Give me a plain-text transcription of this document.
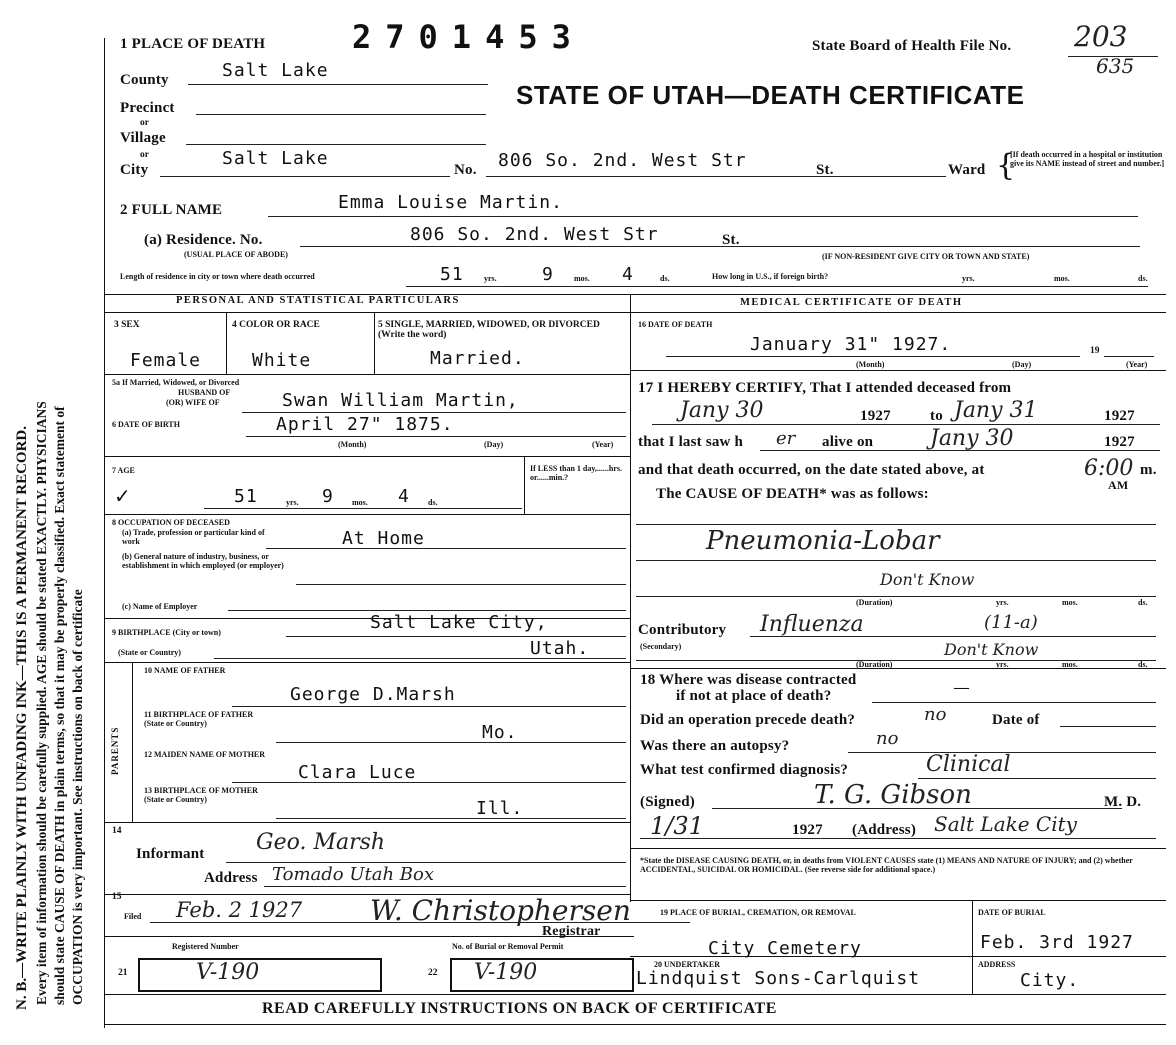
N. B.—WRITE PLAINLY WITH UNFADING INK—THIS IS A PERMANENT RECORD. Every item of information should be carefully supplied. AGE should be stated EXACTLY. PHYSICIANS should state CAUSE OF DEATH in plain terms, so that it may be properly classified. Exact statement of OCCUPATION is very important. See instructions on back of certificate
1 PLACE OF DEATH	2701453	State Board of Health File No. 203
635
STATE OF UTAH—DEATH CERTIFICATE
County	Salt Lake
Precinct
or
Village
or
City
Salt Lake
No. 806 So. 2nd. West Str	St.	Ward {
[If death occurred in a hospital or institution give its NAME instead of street and number.]
2 FULL NAME	Emma Louise Martin.
(a) Residence. No.
(USUAL PLACE OF ABODE)
806 So. 2nd. West Str	St.
(IF NON-RESIDENT GIVE CITY OR TOWN AND STATE)
Length of residence in city or town where death occurred	51	yrs.	9	mos. 4	ds.	How long in U.S., if foreign birth?	yrs.	mos.	ds.
PERSONAL AND STATISTICAL PARTICULARS	MEDICAL CERTIFICATE OF DEATH
3 SEX
Female
4 COLOR OR RACE
White
5 SINGLE, MARRIED, WIDOWED, OR DIVORCED (Write the word)
Married.
5a If Married, Widowed, or Divorced
HUSBAND OF
(OR) WIFE OF	Swan William Martin,
6 DATE OF BIRTH	April 27" 1875.
(Month)	(Day)	(Year)
7 AGE
✓	51	yrs. 9 mos. 4 ds.
If LESS than 1 day,......hrs. or......min.?
8 OCCUPATION OF DECEASED
(a) Trade, profession or particular kind of work	At Home
(b) General nature of industry, business, or establishment in which employed (or employer)
(c) Name of Employer
9 BIRTHPLACE (City or town)	Salt Lake City,
(State or Country)	Utah.
PARENTS
10 NAME OF FATHER
George D.Marsh
11 BIRTHPLACE OF FATHER (State or Country)	Mo.
12 MAIDEN NAME OF MOTHER
Clara Luce
13 BIRTHPLACE OF MOTHER (State or Country)	Ill.
14
Informant Geo. Marsh
Address Tomado Utah Box
15
Filed Feb. 2 1927 W. Christophersen
Registrar
Registered Number
21	V-190
No. of Burial or Removal Permit
22 V-190
16 DATE OF DEATH
January 31" 1927.
(Month)	(Day)
19
(Year)
17 I HEREBY CERTIFY, That I attended deceased from
Jany 30	1927	to Jany 31	1927
that I last saw h er alive on	Jany 30	1927
and that death occurred, on the date stated above, at	6:00 m.
AM
The CAUSE OF DEATH* was as follows:
Pneumonia-Lobar
Don't Know
(Duration)	yrs.	mos.	ds.
Contributory
(Secondary)
Influenza	(11-a)
Don't Know
(Duration)	yrs.	mos.	ds.
18 Where was disease contracted
if not at place of death?	—
Did an operation precede death?	no	Date of
Was there an autopsy?	no
What test confirmed diagnosis?	Clinical
(Signed)	T. G. Gibson	M. D.
1/31	1927 (Address) Salt Lake City
*State the DISEASE CAUSING DEATH, or, in deaths from VIOLENT CAUSES state (1) MEANS AND NATURE OF INJURY; and (2) whether ACCIDENTAL, SUICIDAL OR HOMICIDAL. (See reverse side for additional space.)
19 PLACE OF BURIAL, CREMATION, OR REMOVAL
City Cemetery
DATE OF BURIAL
Feb. 3rd 1927
20 UNDERTAKER
Lindquist Sons-Carlquist
ADDRESS
City.
READ CAREFULLY INSTRUCTIONS ON BACK OF CERTIFICATE
